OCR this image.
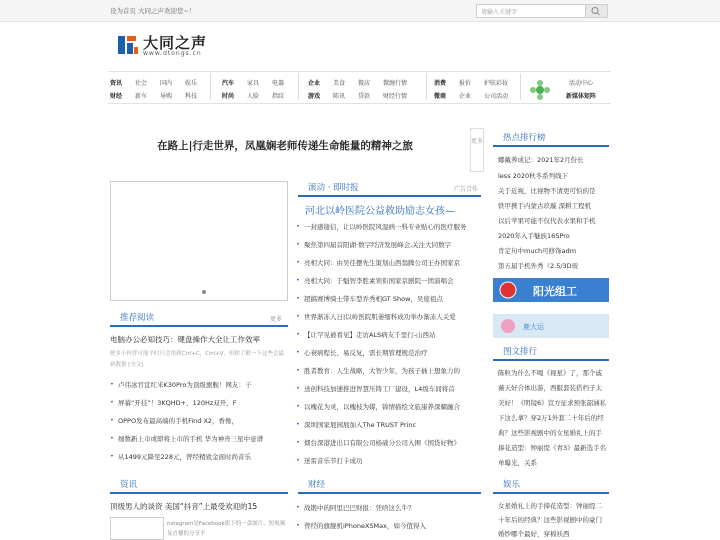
设为首页 大同之声欢迎您~！	请输入关键字
大同之声
www.dtongs.cn
资讯 社会 国内 娱乐	汽车 家具 电器	企业 美食 微店 微缠行情	消费 报价 护肤彩妆
财经 新车 导购 科技	时尚 人脸 指纹	游戏 陈讯 贷款 财经行情	微商 企业 公司活动
活动中心
新媒体矩阵
在路上|行走世界，凤凰娴老师传递生命能量的精神之旅	更多 热点排行榜
娜戴养成记：2021年2月份长
less 2020秋冬系列线下
关于近视，比视物不清更可怕的是
铁甲携手内蒙古玖璇 深耕工程机
以后苹果可能不仅代表水果和手机
2020年入手魅族16SPro
肯定句中much可修饰adm
第五届手机外秀（2.5/3D玻
阳光组工
鹿大运
图文排行
陈粒为什么不喝《视星》了，那个戚薇天好合体出游，西服套装搭档子太美好！《明镜6》宣方征求预张韶涵私下这么拿？穿2万1外套二十年后的经典？这些影视剧中的女星婚礼上的手捧花造型：钟丽缇《青3》最新选手名单曝光，关系
推荐阅读	更多
电脑办公必知技巧：键盘操作大全让工作效率
驶多小伙伴可能平时只会用到Ctrl+C，Ctrl+V，但除了解一下这些会最新数据 [全文]
• 卢伟冰官宣红米K30Pro为顶级旗舰！网友：干
• 屏幕“开挂”！3KQHD+、120Hz双开，F
• OPPO发布最高端的手机Find X2，香像，
• 细数新上市或即将上市的手机 华为神舟三星中意谱
• 从1499元降至228元，曾经精致金面时尚音乐
滚动 · 即时报	广告合作
河北以岭医院公益救助励志女孩—
• 一封感谢信，让以岭医院风湿病一科专业贴心的医疗服务
• 聚焦第四届首阳湖·数字经济发展峰会,关注大同数字
• 亮相大同：由吴佳摆先生策划山西翁腾公司王办国家京
• 亮相大同：于魁智李胜素领衔国家京剧院一团演唱会
• 超搞赛博骑士带车型乔秀相GT Show，吴座祖点
• 世界渐冻人日|以岭医院肌萎缩科成功举办渐冻人关爱
• 【让罕见被看见】走访ALS病友千里行-山西站
• 心衰病程长、易反复，需长期管理规范治疗
• 胜者教育：人生战略，大智少年，为孩子插上想象力的
• 送创科技加速推进智慧压铸工厂建设，L4级车间将首
• 以槐花为灵，以槐枝为媒，锦情描绘文旅康养深耀融合
• 深圳国家展园展加入The TRUST Princ
• 烟台深港进出口有限公司杨础分公司入围《国货好物》
• 迷雷音乐节打卡成功
资讯
顶级男人的谈资 美国“抖音”上最受欢迎的15
nstagram是Facebook旗下的一款图片、短视频及直播的分享平
财经
• 战锻中的阿里巴巴财报：凭啥这么牛？
• 曾经的旗舰机iPhoneXSMax，如今值得入
娱乐
女星婚礼上的手捧花造型：钟丽缇二十年后的经典？这些影视剧中的豪门婚纱哪个最好，穿棉袄西
